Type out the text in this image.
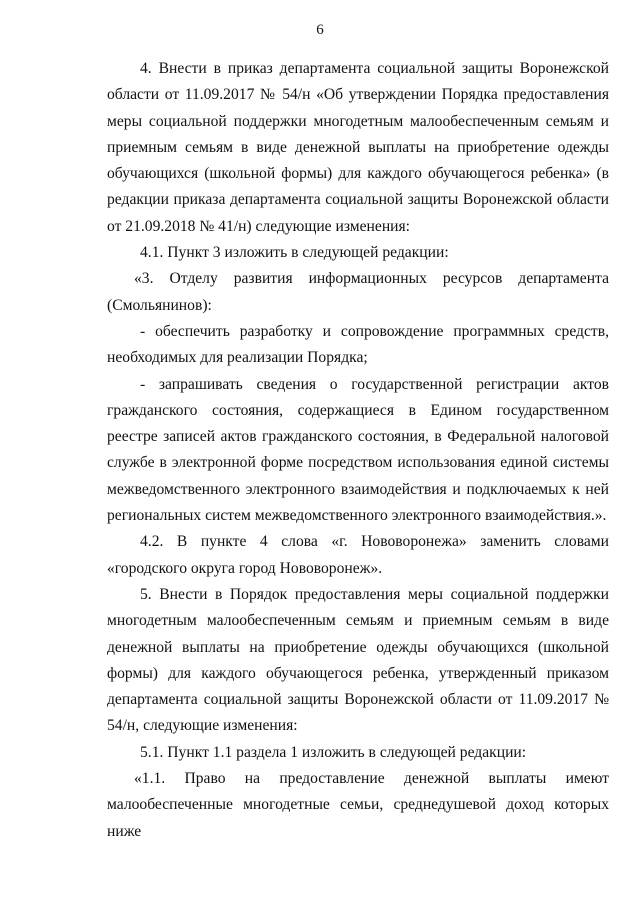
6

4. Внести в приказ департамента социальной защиты Воронежской области от 11.09.2017 № 54/н «Об утверждении Порядка предоставления меры социальной поддержки многодетным малообеспеченным семьям и приемным семьям в виде денежной выплаты на приобретение одежды обучающихся (школьной формы) для каждого обучающегося ребенка» (в редакции приказа департамента социальной защиты Воронежской области от 21.09.2018 № 41/н) следующие изменения:

4.1. Пункт 3 изложить в следующей редакции:

«3. Отделу развития информационных ресурсов департамента (Смольянинов):

- обеспечить разработку и сопровождение программных средств, необходимых для реализации Порядка;

- запрашивать сведения о государственной регистрации актов гражданского состояния, содержащиеся в Едином государственном реестре записей актов гражданского состояния, в Федеральной налоговой службе в электронной форме посредством использования единой системы межведомственного электронного взаимодействия и подключаемых к ней региональных систем межведомственного электронного взаимодействия.».

4.2. В пункте 4 слова «г. Нововоронежа» заменить словами «городского округа город Нововоронеж».

5. Внести в Порядок предоставления меры социальной поддержки многодетным малообеспеченным семьям и приемным семьям в виде денежной выплаты на приобретение одежды обучающихся (школьной формы) для каждого обучающегося ребенка, утвержденный приказом департамента социальной защиты Воронежской области от 11.09.2017 № 54/н, следующие изменения:

5.1. Пункт 1.1 раздела 1 изложить в следующей редакции:

«1.1. Право на предоставление денежной выплаты имеют малообеспеченные многодетные семьи, среднедушевой доход которых ниже
